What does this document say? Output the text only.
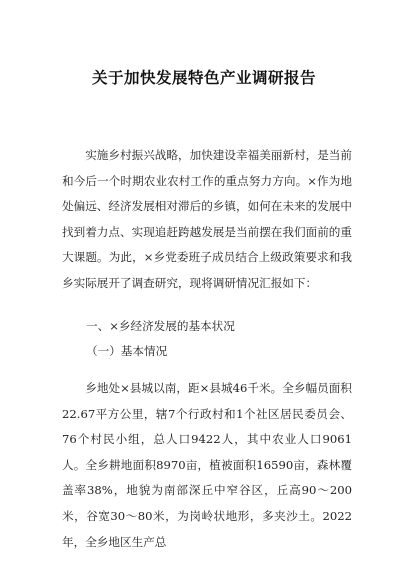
关于加快发展特色产业调研报告

实施乡村振兴战略，加快建设幸福美丽新村，是当前和今后一个时期农业农村工作的重点努力方向。×作为地处偏远、经济发展相对滞后的乡镇，如何在未来的发展中找到着力点、实现追赶跨越发展是当前摆在我们面前的重大课题。为此，×乡党委班子成员结合上级政策要求和我乡实际展开了调查研究，现将调研情况汇报如下：

一、×乡经济发展的基本状况

（一）基本情况

乡地处×县城以南，距×县城46千米。全乡幅员面积22.67平方公里，辖7个行政村和1个社区居民委员会、76个村民小组，总人口9422人，其中农业人口9061人。全乡耕地面积8970亩，植被面积16590亩，森林覆盖率38%，地貌为南部深丘中窄谷区，丘高90～200米，谷宽30～80米，为岗岭状地形，多夹沙土。2022年，全乡地区生产总
